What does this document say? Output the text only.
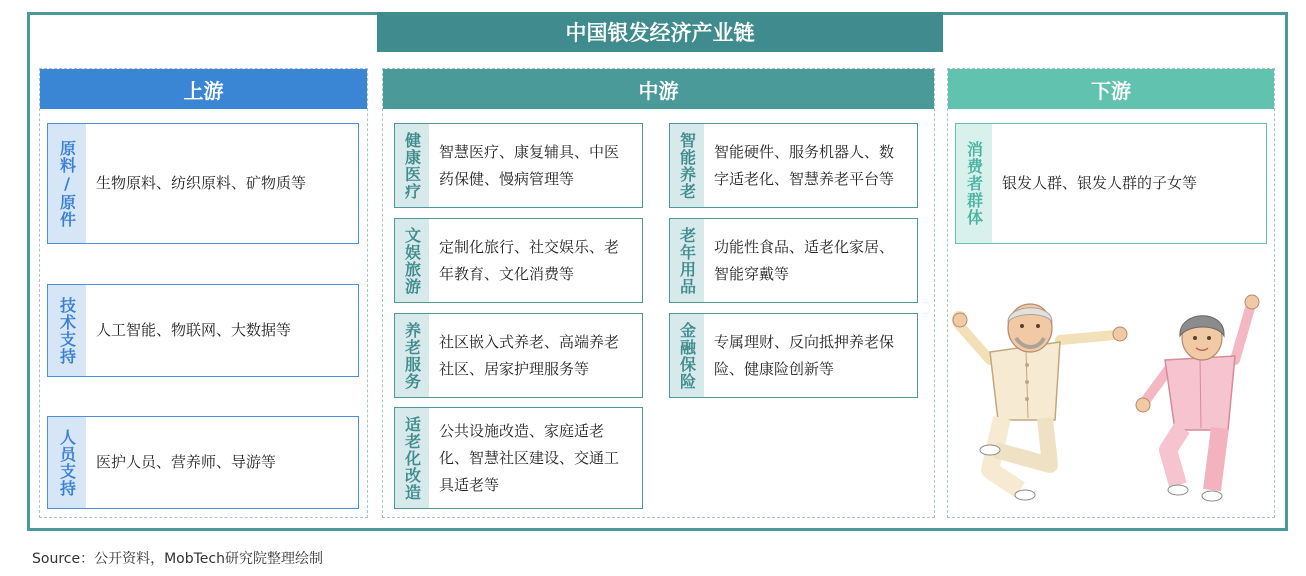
中国银发经济产业链
上游
原料/原件	生物原料、纺织原料、矿物质等
技术支持	人工智能、物联网、大数据等
人员支持	医护人员、营养师、导游等
中游
健康医疗	智慧医疗、康复辅具、中医药保健、慢病管理等
文娱旅游	定制化旅行、社交娱乐、老年教育、文化消费等
养老服务	社区嵌入式养老、高端养老社区、居家护理服务等
适老化改造	公共设施改造、家庭适老化、智慧社区建设、交通工具适老等
智能养老	智能硬件、服务机器人、数字适老化、智慧养老平台等
老年用品	功能性食品、适老化家居、智能穿戴等
金融保险	专属理财、反向抵押养老保险、健康险创新等
下游
消费者群体	银发人群、银发人群的子女等
Source：公开资料，MobTech研究院整理绘制
